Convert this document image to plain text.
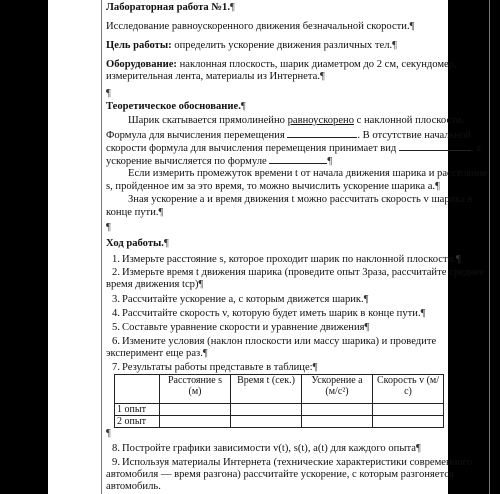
Лабораторная работа №1.¶
Исследование равноускоренного движения безначальной скорости.¶
Цель работы: определить ускорение движения различных тел.¶
Оборудование: наклонная плоскость, шарик диаметром до 2 см, секундомер,
измерительная лента, материалы из Интернета.¶
¶
Теоретическое обоснование.¶
Шарик скатывается прямолинейно равноускорено с наклонной плоскости.
Формула для вычисления перемещения	. В отсутствие начальной
скорости формула для вычисления перемещения принимает вид	, а
ускорение вычисляется по формуле	¶
Если измерить промежуток времени t от начала движения шарика и расстояние
s, пройденное им за это время, то можно вычислить ускорение шарика a.¶
Зная ускорение a и время движения t можно рассчитать скорость v шарика в
конце пути.¶
¶
Ход работы.¶
1. Измерьте расстояние s, которое проходит шарик по наклонной плоскости.¶
2. Измерьте время t движения шарика (проведите опыт 3раза, рассчитайте среднее
время движения tср)¶
3. Рассчитайте ускорение a, с которым движется шарик.¶
4. Рассчитайте скорость v, которую будет иметь шарик в конце пути.¶
5. Составьте уравнение скорости и уравнение движения¶
6. Измените условия (наклон плоскости или массу шарика) и проведите
эксперимент еще раз.¶
7. Результаты работы представьте в таблице:¶
¶
8. Постройте графики зависимости v(t), s(t), a(t) для каждого опыта¶
9. Используя материалы Интернета (технические характеристики современного
автомобиля — время разгона) рассчитайте ускорение, с которым разгоняется
автомобиль.
	Расстояние s (м)	Время t (сек.)	Ускорение a (м/с²)	Скорость v (м/с)
1 опыт				
2 опыт				
